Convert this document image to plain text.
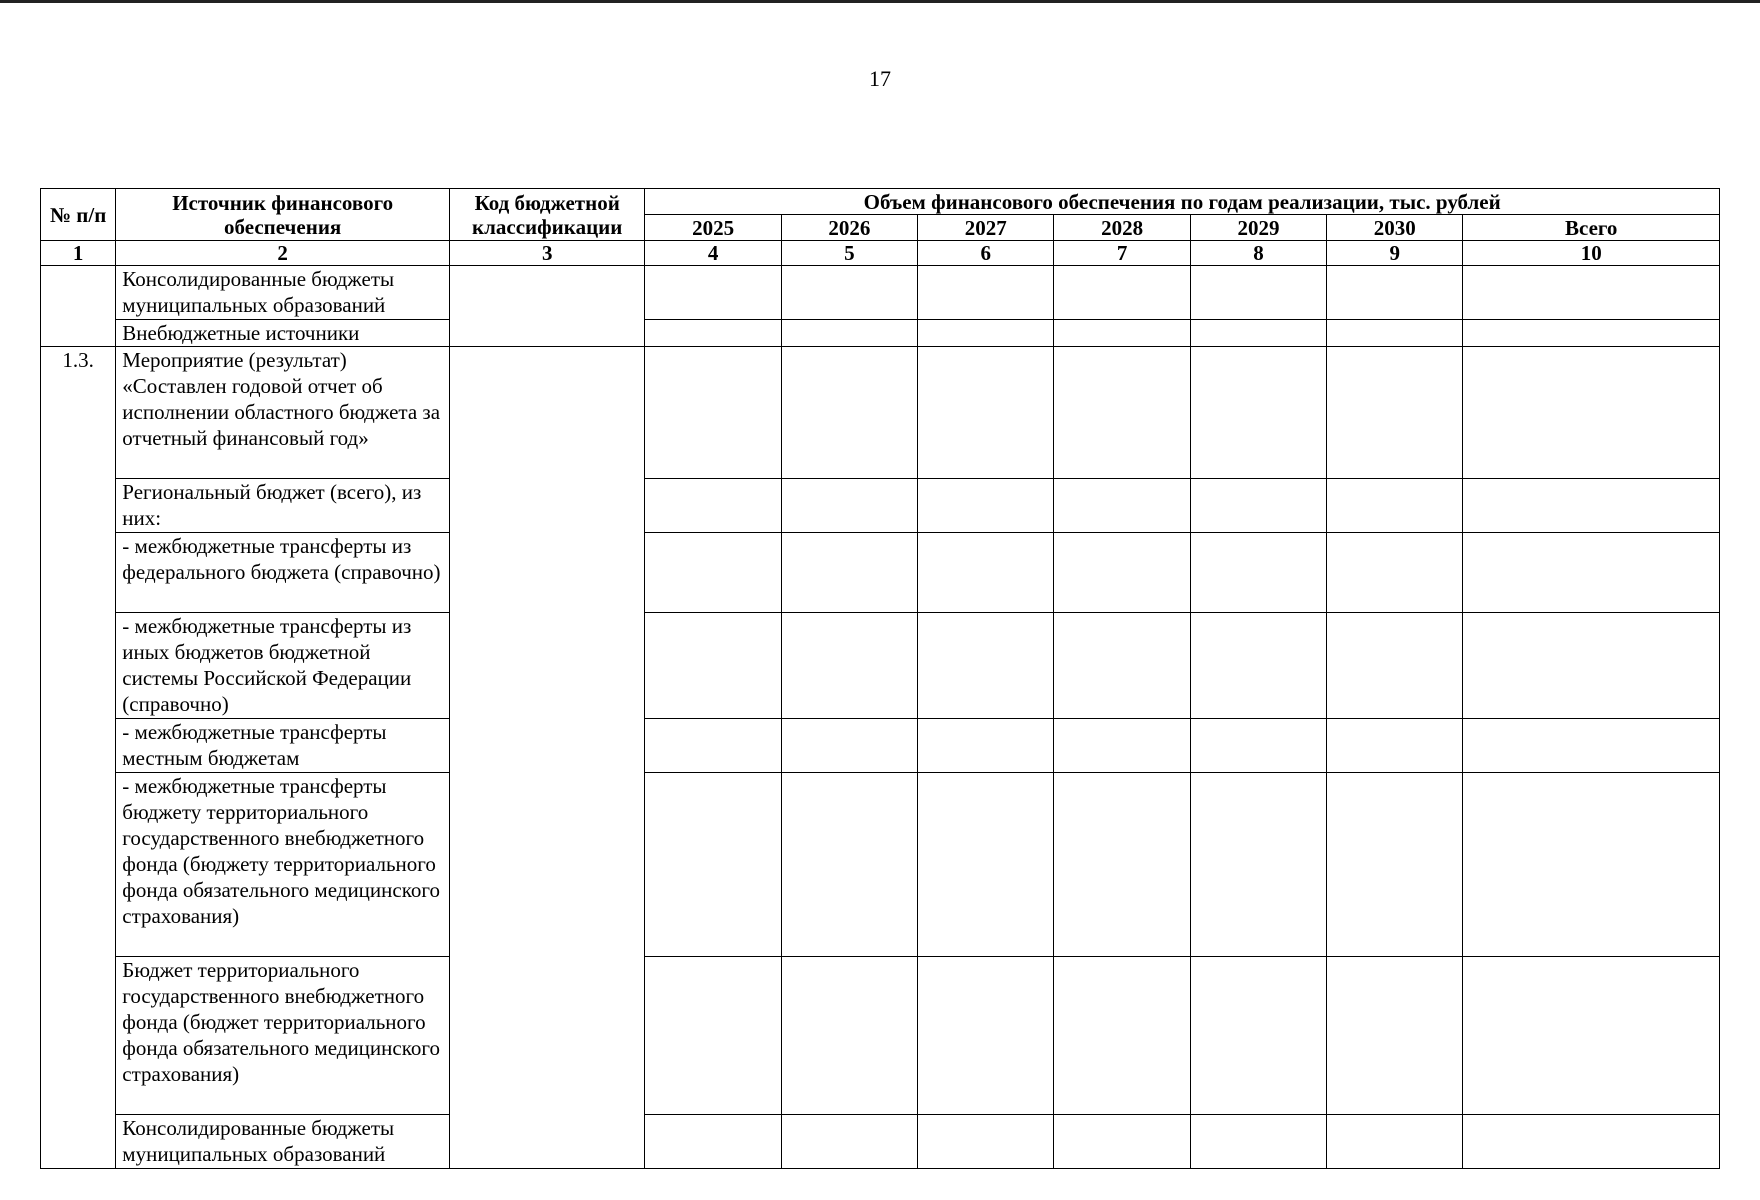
17
№ п/п	Источник финансового обеспечения	Код бюджетной классификации	Объем финансового обеспечения по годам реализации, тыс. рублей						
			2025	2026	2027	2028	2029	2030	Всего
1	2	3	4	5	6	7	8	9	10
	Консолидированные бюджеты муниципальных образований								
	Внебюджетные источники								
1.3.	Мероприятие (результат) «Составлен годовой отчет об исполнении областного бюджета за отчетный финансовый год»								
	Региональный бюджет (всего), из них:								
	- межбюджетные трансферты из федерального бюджета (справочно)								
	- межбюджетные трансферты из иных бюджетов бюджетной системы Российской Федерации (справочно)								
	- межбюджетные трансферты местным бюджетам								
	- межбюджетные трансферты бюджету территориального государственного внебюджетного фонда (бюджету территориального фонда обязательного медицинского страхования)								
	Бюджет территориального государственного внебюджетного фонда (бюджет территориального фонда обязательного медицинского страхования)								
	Консолидированные бюджеты муниципальных образований								
